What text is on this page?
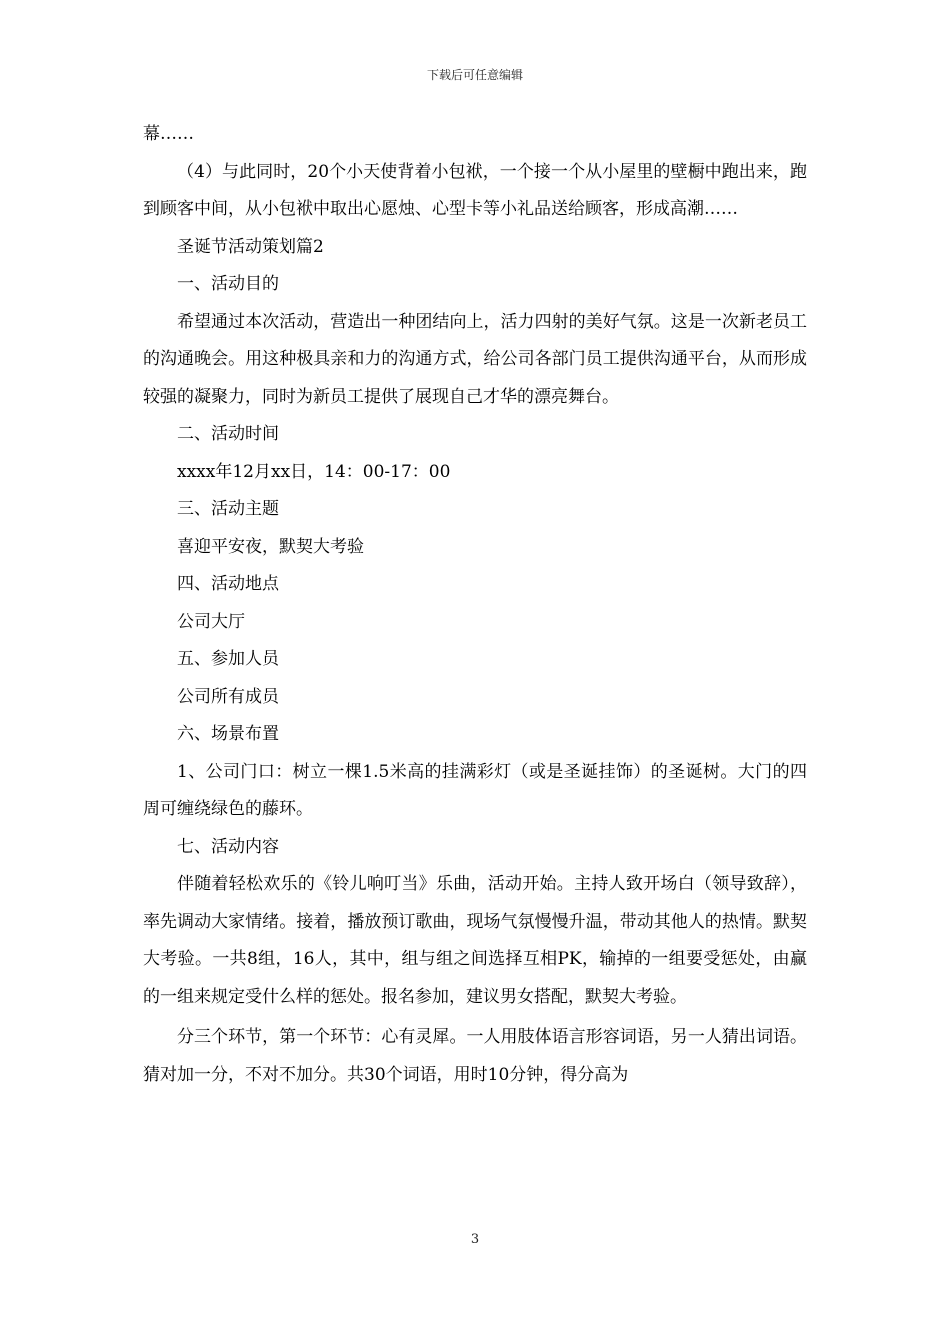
下载后可任意编辑

幕……

（4）与此同时，20个小天使背着小包袱，一个接一个从小屋里的壁橱中跑出来，跑到顾客中间，从小包袱中取出心愿烛、心型卡等小礼品送给顾客，形成高潮……

圣诞节活动策划篇2

一、活动目的

希望通过本次活动，营造出一种团结向上，活力四射的美好气氛。这是一次新老员工的沟通晚会。用这种极具亲和力的沟通方式，给公司各部门员工提供沟通平台，从而形成较强的凝聚力，同时为新员工提供了展现自己才华的漂亮舞台。

二、活动时间

xxxx年12月xx日，14：00-17：00

三、活动主题

喜迎平安夜，默契大考验

四、活动地点

公司大厅

五、参加人员

公司所有成员

六、场景布置

1、公司门口：树立一棵1.5米高的挂满彩灯（或是圣诞挂饰）的圣诞树。大门的四周可缠绕绿色的藤环。

七、活动内容

伴随着轻松欢乐的《铃儿响叮当》乐曲，活动开始。主持人致开场白（领导致辞），率先调动大家情绪。接着，播放预订歌曲，现场气氛慢慢升温，带动其他人的热情。默契大考验。一共8组，16人，其中，组与组之间选择互相PK，输掉的一组要受惩处，由赢的一组来规定受什么样的惩处。报名参加，建议男女搭配，默契大考验。

分三个环节，第一个环节：心有灵犀。一人用肢体语言形容词语，另一人猜出词语。猜对加一分，不对不加分。共30个词语，用时10分钟，得分高为

3
